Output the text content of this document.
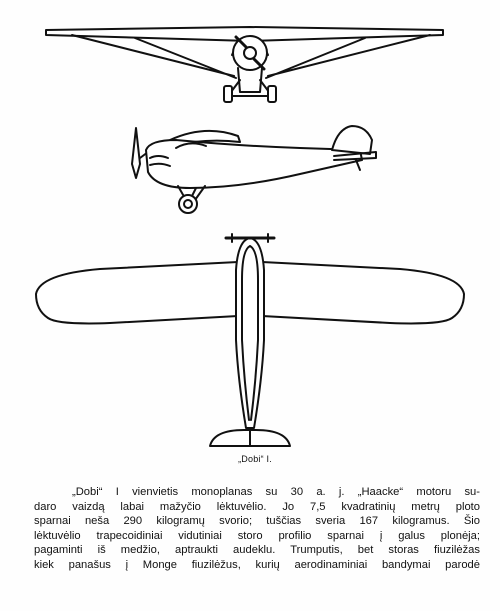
„Dobi“ I.
„Dobi“ I vienvietis monoplanas su 30 a. j. „Haacke“ motoru su-
daro vaizdą labai mažyčio lėktuvėlio. Jo 7,5 kvadratinių metrų ploto
sparnai neša 290 kilogramų svorio; tuščias sveria 167 kilogramus. Šio
lėktuvėlio trapecoidiniai vidutiniai storo profilio sparnai į galus plonėja;
pagaminti iš medžio, aptraukti audeklu. Trumputis, bet storas fiuzilėžas
kiek panašus į Monge fiuzilėžus, kurių aerodinaminiai bandymai parodė
